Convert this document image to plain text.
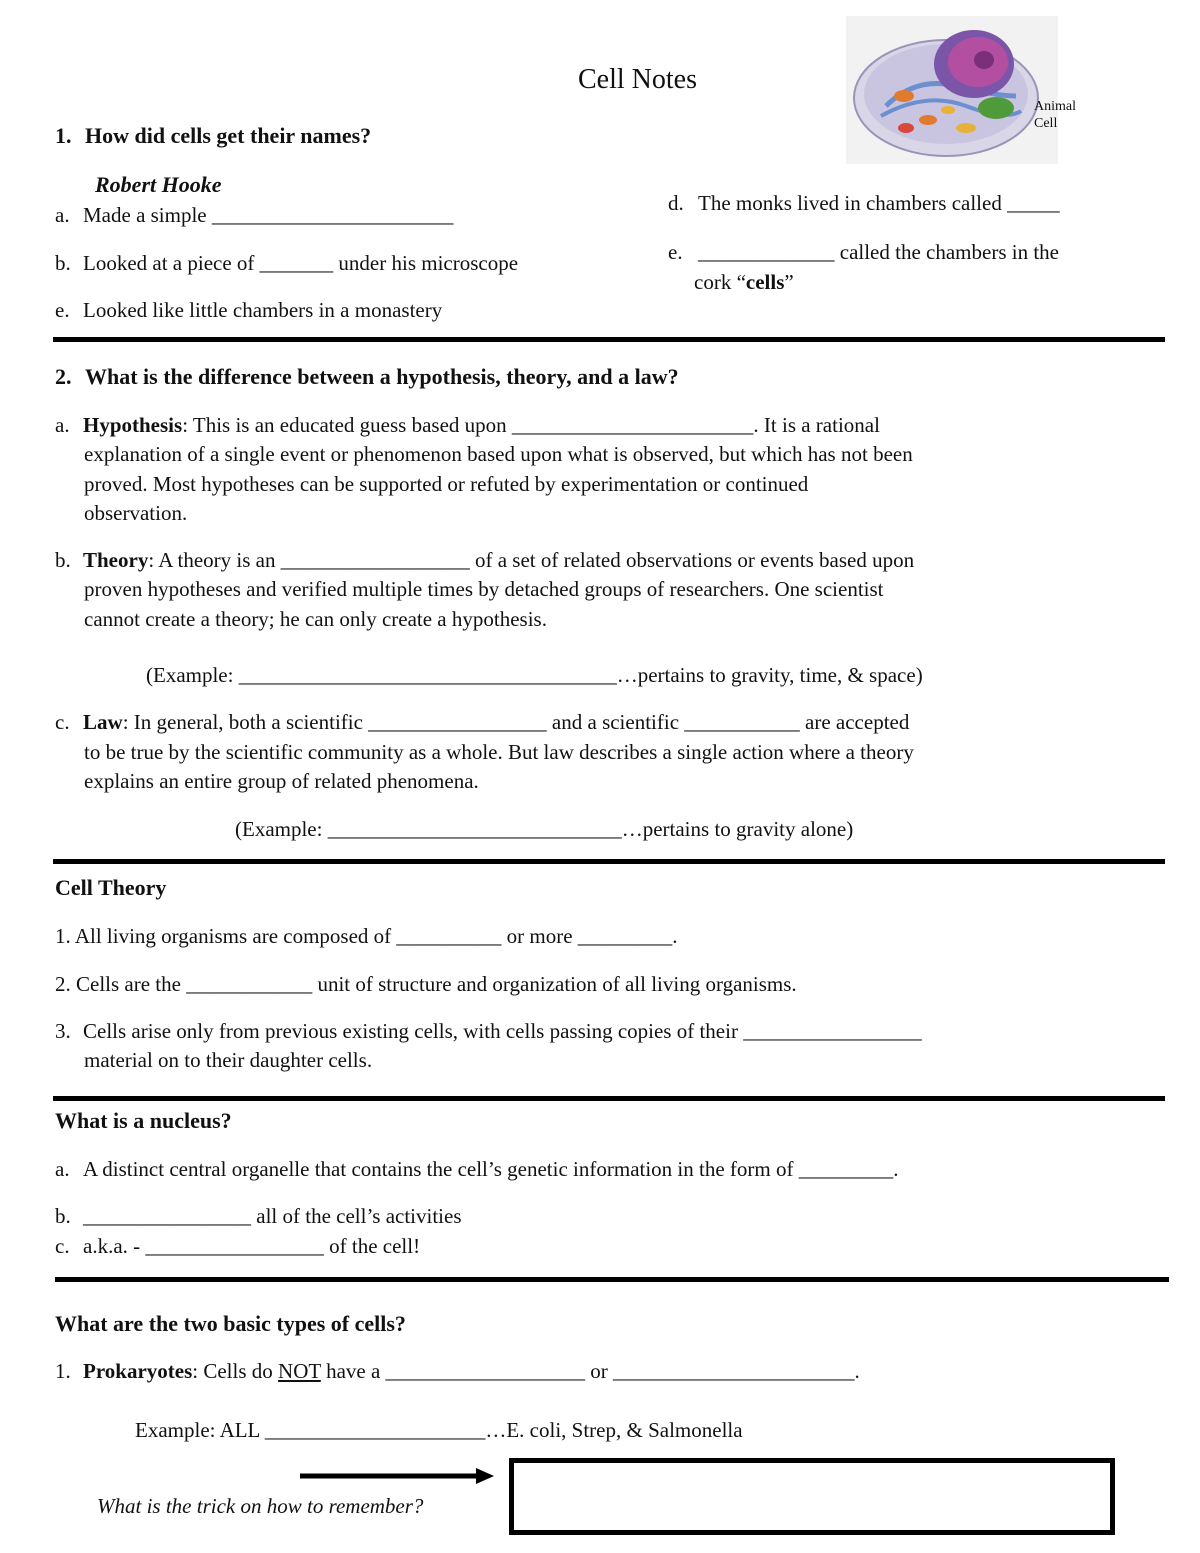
Cell Notes
Animal
Cell
1. How did cells get their names?
Robert Hooke
a. Made a simple _______________________
b. Looked at a piece of _______ under his microscope
e. Looked like little chambers in a monastery
d. The monks lived in chambers called _____
e. _____________ called the chambers in the
cork “cells”
2. What is the difference between a hypothesis, theory, and a law?
a. Hypothesis: This is an educated guess based upon _______________________. It is a rational
explanation of a single event or phenomenon based upon what is observed, but which has not been
proved. Most hypotheses can be supported or refuted by experimentation or continued
observation.
b. Theory: A theory is an __________________ of a set of related observations or events based upon
proven hypotheses and verified multiple times by detached groups of researchers. One scientist
cannot create a theory; he can only create a hypothesis.
(Example: ____________________________________…pertains to gravity, time, & space)
c. Law: In general, both a scientific _________________ and a scientific ___________ are accepted
to be true by the scientific community as a whole. But law describes a single action where a theory
explains an entire group of related phenomena.
(Example: ____________________________…pertains to gravity alone)
Cell Theory
1. All living organisms are composed of __________ or more _________.
2. Cells are the ____________ unit of structure and organization of all living organisms.
3. Cells arise only from previous existing cells, with cells passing copies of their _________________
material on to their daughter cells.
What is a nucleus?
a. A distinct central organelle that contains the cell’s genetic information in the form of _________.
b. ________________ all of the cell’s activities
c. a.k.a. - _________________ of the cell!
What are the two basic types of cells?
1. Prokaryotes: Cells do NOT have a ___________________ or _______________________.
Example: ALL _____________________…E. coli, Strep, & Salmonella
What is the trick on how to remember?
